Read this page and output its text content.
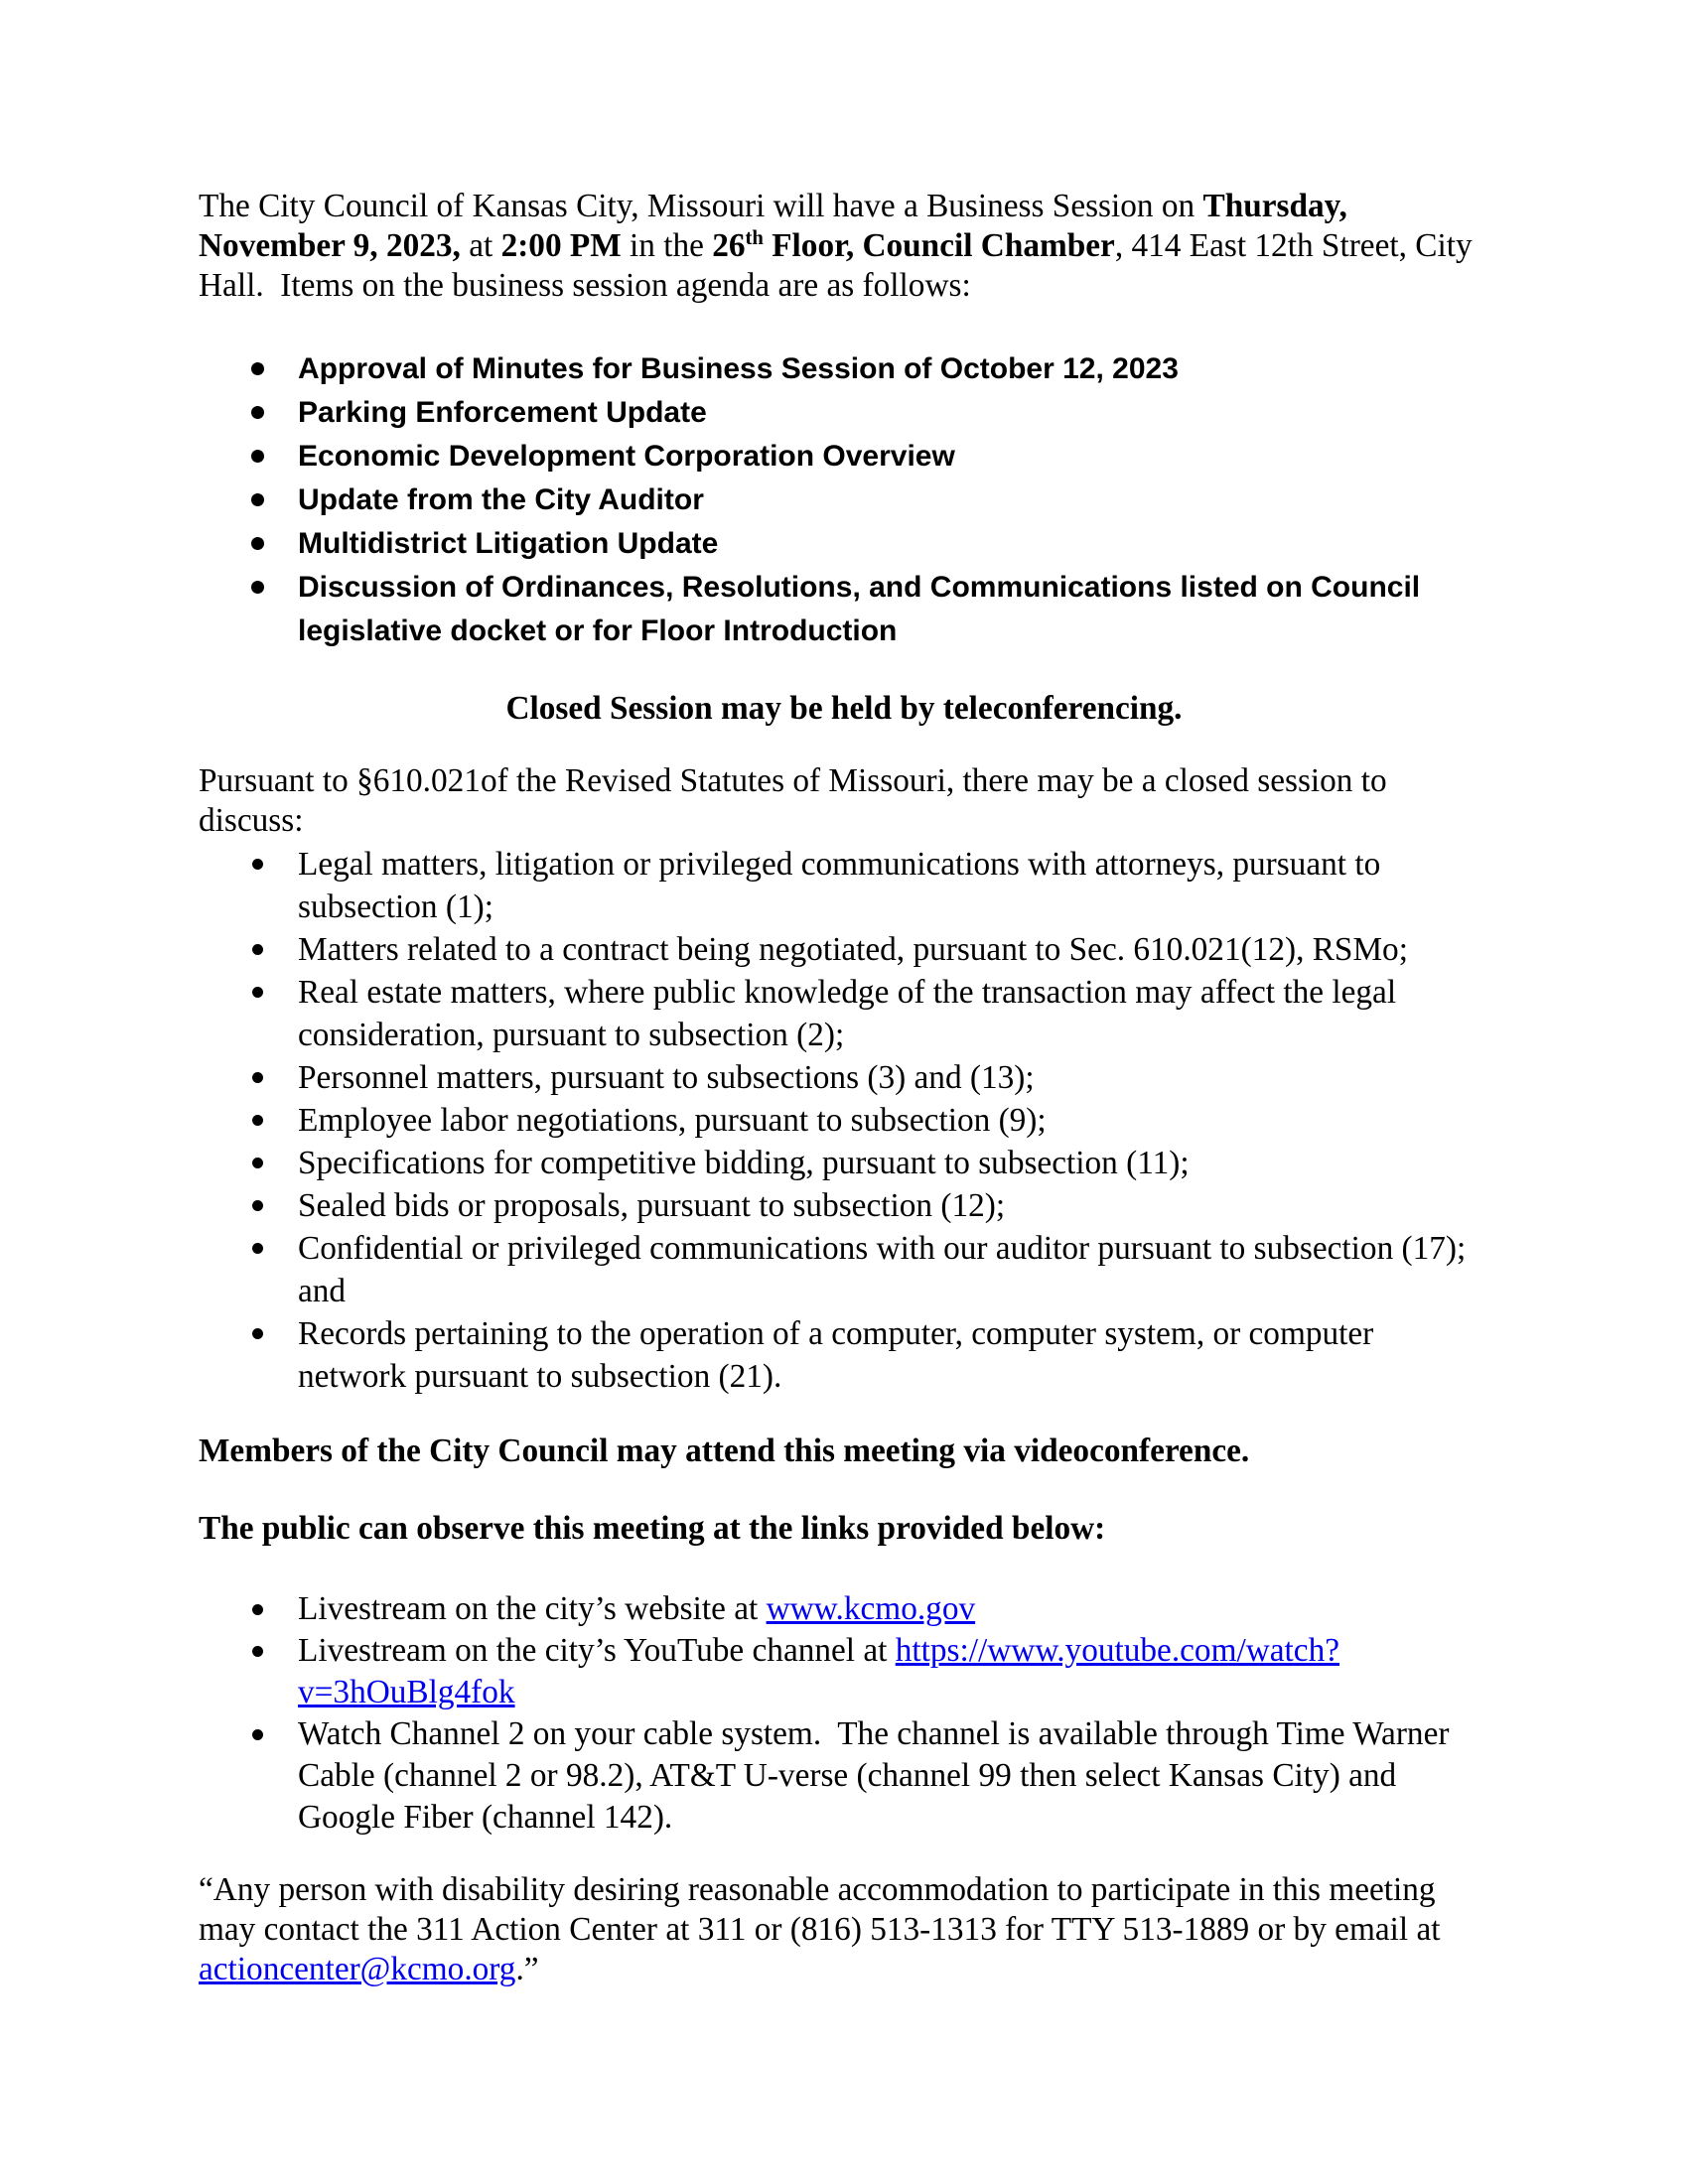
The City Council of Kansas City, Missouri will have a Business Session on Thursday, November 9, 2023, at 2:00 PM in the 26th Floor, Council Chamber, 414 East 12th Street, City Hall.  Items on the business session agenda are as follows:

Approval of Minutes for Business Session of October 12, 2023
Parking Enforcement Update
Economic Development Corporation Overview
Update from the City Auditor
Multidistrict Litigation Update
Discussion of Ordinances, Resolutions, and Communications listed on Council legislative docket or for Floor Introduction

Closed Session may be held by teleconferencing.

Pursuant to §610.021of the Revised Statutes of Missouri, there may be a closed session to discuss:

Legal matters, litigation or privileged communications with attorneys, pursuant to subsection (1);
Matters related to a contract being negotiated, pursuant to Sec. 610.021(12), RSMo;
Real estate matters, where public knowledge of the transaction may affect the legal consideration, pursuant to subsection (2);
Personnel matters, pursuant to subsections (3) and (13);
Employee labor negotiations, pursuant to subsection (9);
Specifications for competitive bidding, pursuant to subsection (11);
Sealed bids or proposals, pursuant to subsection (12);
Confidential or privileged communications with our auditor pursuant to subsection (17); and
Records pertaining to the operation of a computer, computer system, or computer network pursuant to subsection (21).

Members of the City Council may attend this meeting via videoconference.

The public can observe this meeting at the links provided below:

Livestream on the city’s website at www.kcmo.gov
Livestream on the city’s YouTube channel at https://www.youtube.com/watch?v=3hOuBlg4fok
Watch Channel 2 on your cable system.  The channel is available through Time Warner Cable (channel 2 or 98.2), AT&T U-verse (channel 99 then select Kansas City) and Google Fiber (channel 142).

“Any person with disability desiring reasonable accommodation to participate in this meeting may contact the 311 Action Center at 311 or (816) 513-1313 for TTY 513-1889 or by email at actioncenter@kcmo.org.”
